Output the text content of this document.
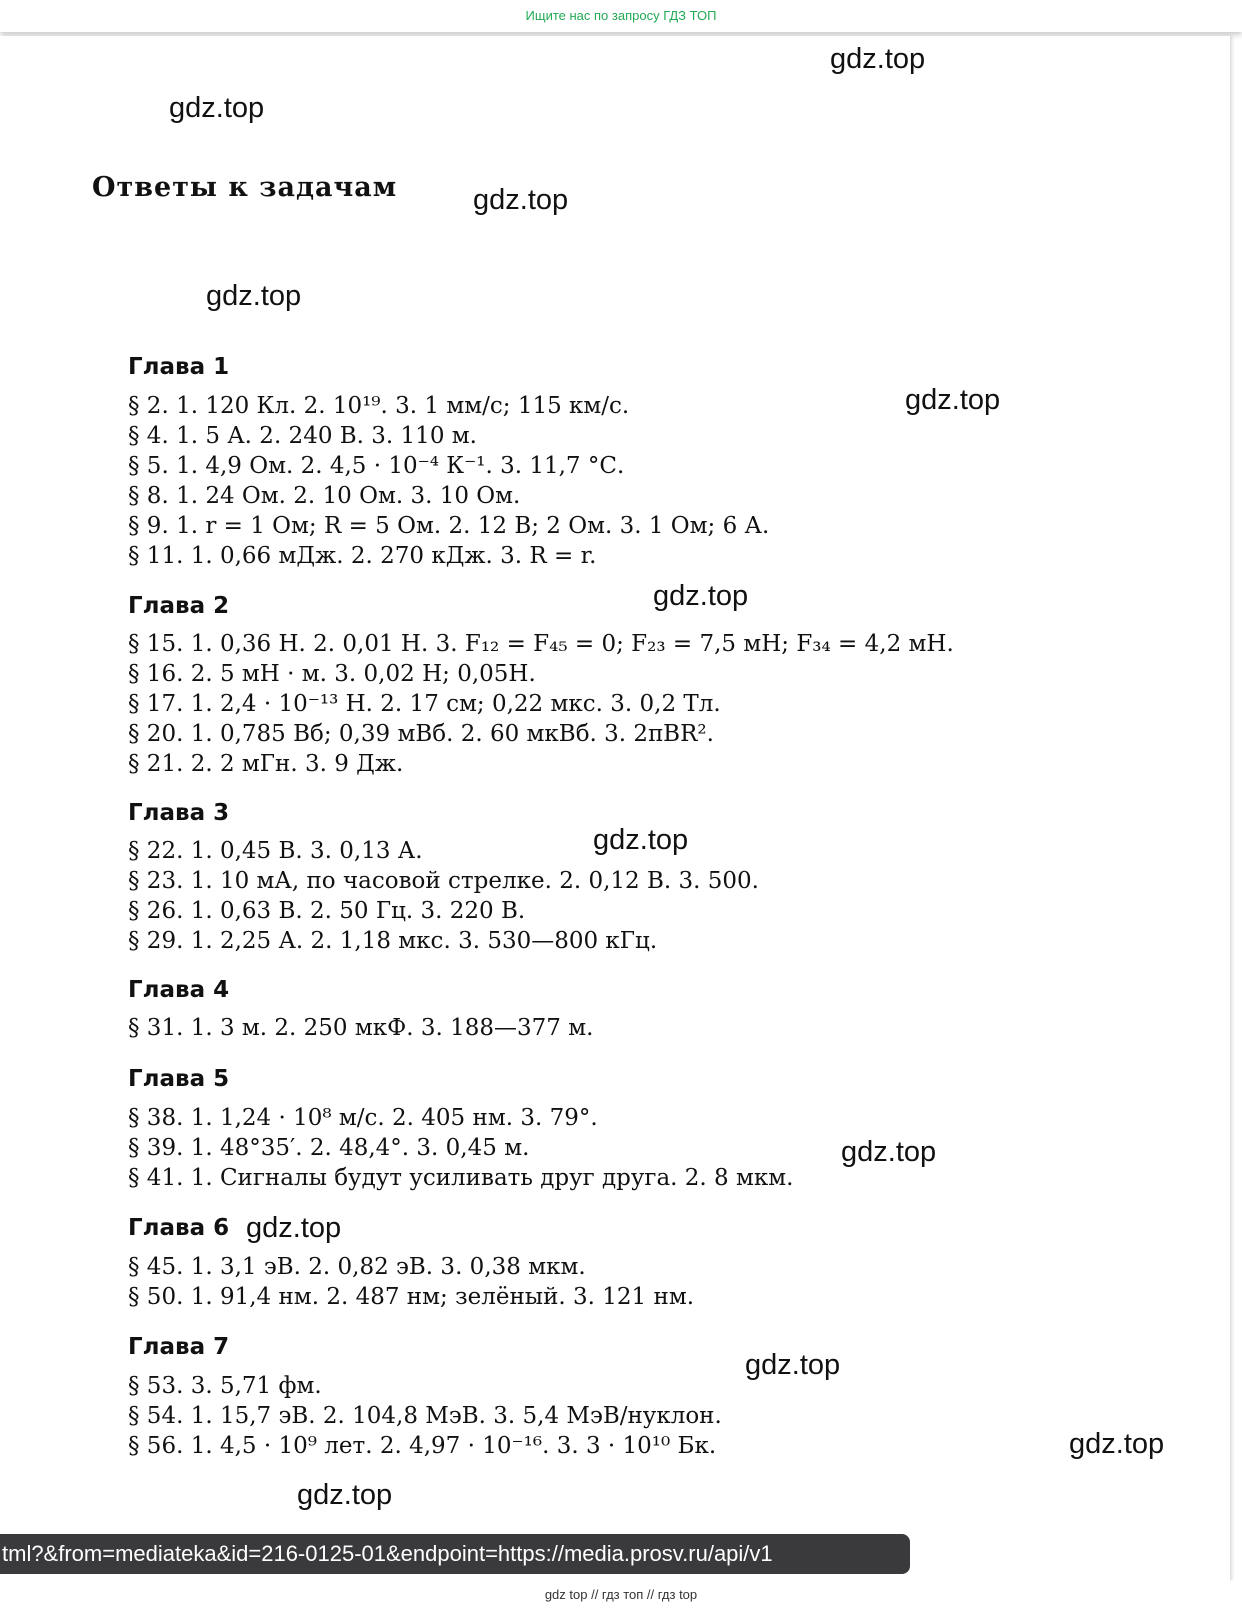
Ищите нас по запросу ГДЗ ТОП
Ответы к задачам
Глава 1
§ 2. 1. 120 Кл. 2. 10¹⁹. 3. 1 мм/с; 115 км/с.
§ 4. 1. 5 А. 2. 240 В. 3. 110 м.
§ 5. 1. 4,9 Ом. 2. 4,5 · 10⁻⁴ К⁻¹. 3. 11,7 °С.
§ 8. 1. 24 Ом. 2. 10 Ом. 3. 10 Ом.
§ 9. 1. r = 1 Ом; R = 5 Ом. 2. 12 В; 2 Ом. 3. 1 Ом; 6 А.
§ 11. 1. 0,66 мДж. 2. 270 кДж. 3. R = r.
Глава 2
§ 15. 1. 0,36 Н. 2. 0,01 Н. 3. F₁₂ = F₄₅ = 0; F₂₃ = 7,5 мН; F₃₄ = 4,2 мН.
§ 16. 2. 5 мН · м. 3. 0,02 Н; 0,05Н.
§ 17. 1. 2,4 · 10⁻¹³ Н. 2. 17 см; 0,22 мкс. 3. 0,2 Тл.
§ 20. 1. 0,785 Вб; 0,39 мВб. 2. 60 мкВб. 3. 2πBR².
§ 21. 2. 2 мГн. 3. 9 Дж.
Глава 3
§ 22. 1. 0,45 В. 3. 0,13 А.
§ 23. 1. 10 мА, по часовой стрелке. 2. 0,12 В. 3. 500.
§ 26. 1. 0,63 В. 2. 50 Гц. 3. 220 В.
§ 29. 1. 2,25 А. 2. 1,18 мкс. 3. 530—800 кГц.
Глава 4
§ 31. 1. 3 м. 2. 250 мкФ. 3. 188—377 м.
Глава 5
§ 38. 1. 1,24 · 10⁸ м/с. 2. 405 нм. 3. 79°.
§ 39. 1. 48°35′. 2. 48,4°. 3. 0,45 м.
§ 41. 1. Сигналы будут усиливать друг друга. 2. 8 мкм.
Глава 6
§ 45. 1. 3,1 эВ. 2. 0,82 эВ. 3. 0,38 мкм.
§ 50. 1. 91,4 нм. 2. 487 нм; зелёный. 3. 121 нм.
Глава 7
§ 53. 3. 5,71 фм.
§ 54. 1. 15,7 эВ. 2. 104,8 МэВ. 3. 5,4 МэВ/нуклон.
§ 56. 1. 4,5 · 10⁹ лет. 2. 4,97 · 10⁻¹⁶. 3. 3 · 10¹⁰ Бк.
gdz.top
gdz.top
gdz.top
gdz.top
gdz.top
gdz.top
gdz.top
gdz.top
gdz.top
gdz.top
gdz.top
gdz.top
tml?&from=mediateka&id=216-0125-01&endpoint=https://media.prosv.ru/api/v1
gdz top // гдз топ // гдз top
